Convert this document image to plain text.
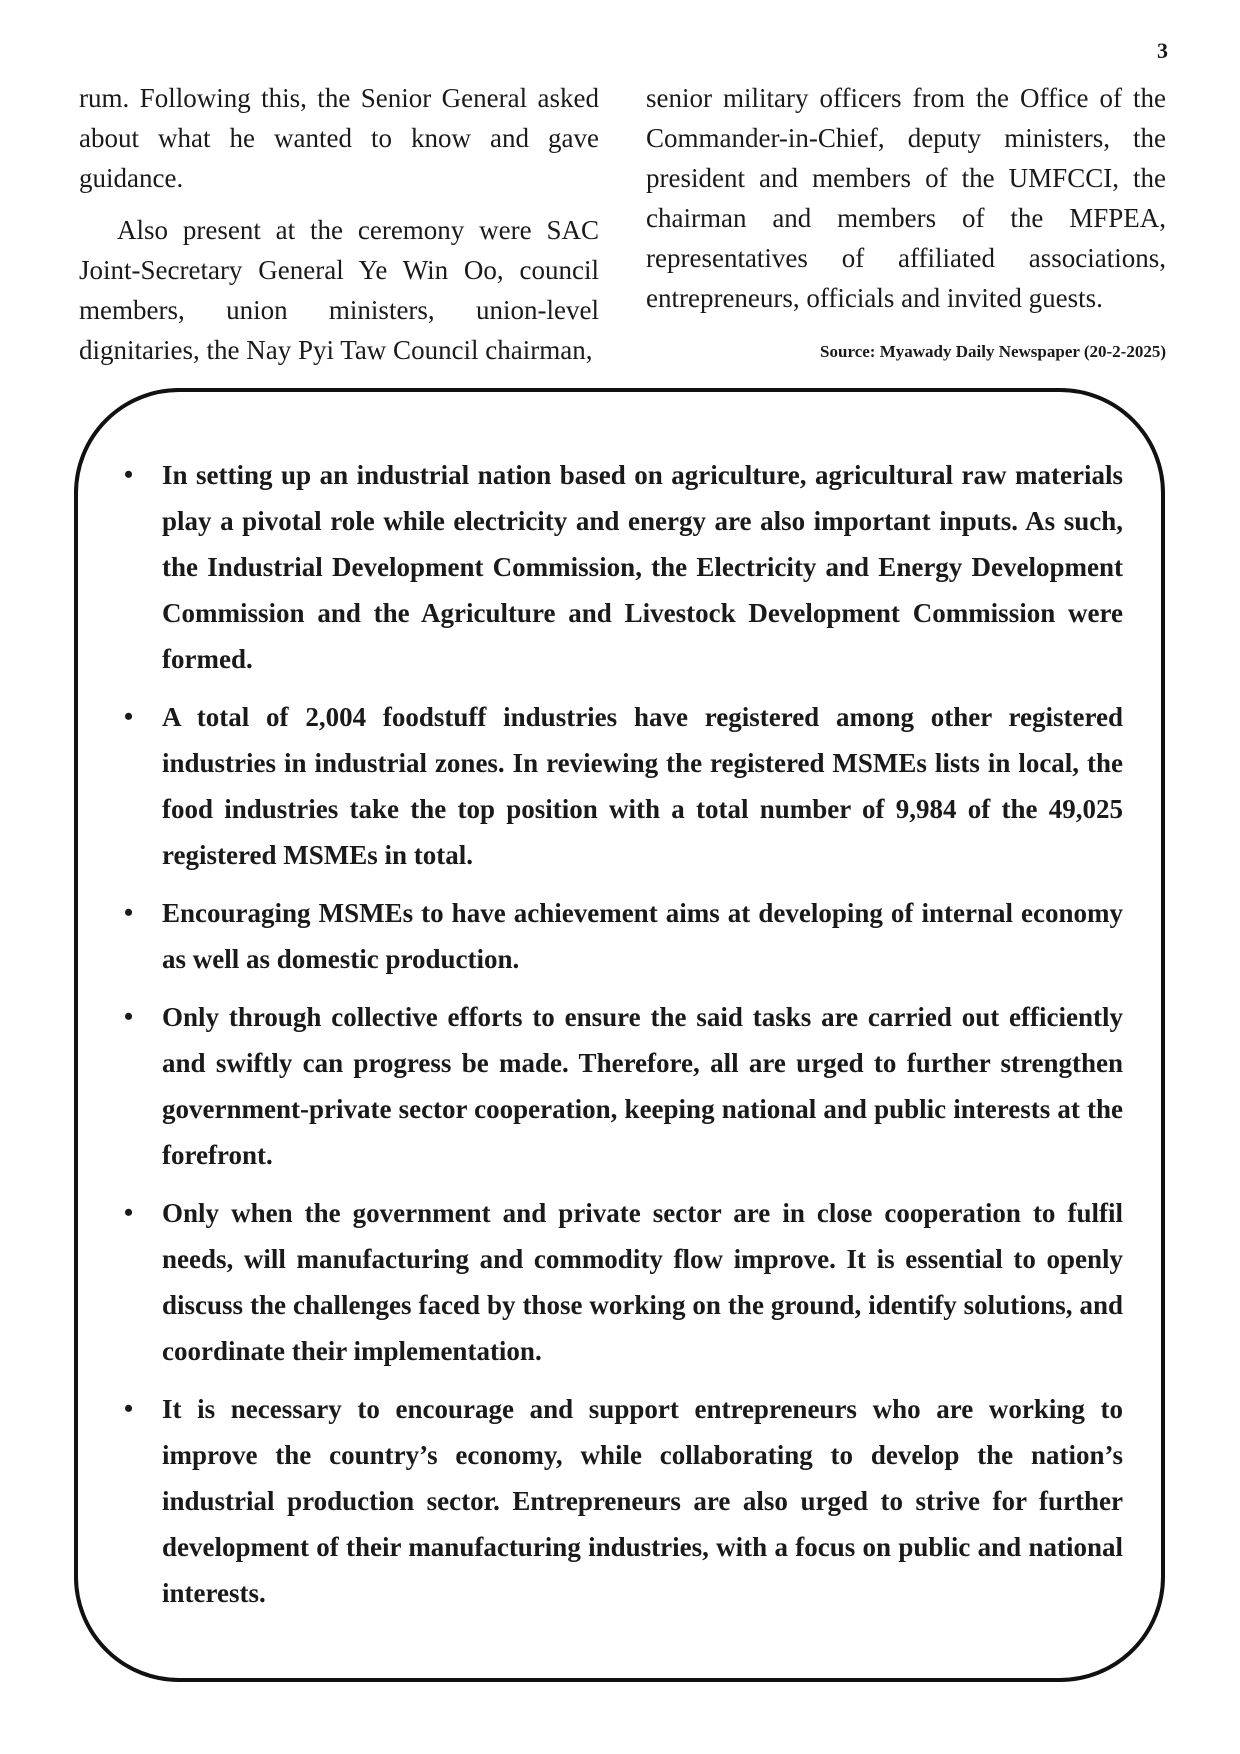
3

rum. Following this, the Senior General asked about what he wanted to know and gave guidance.

Also present at the ceremony were SAC Joint-Secretary General Ye Win Oo, council members, union ministers, union-level dignitaries, the Nay Pyi Taw Council chairman,

senior military officers from the Office of the Commander-in-Chief, deputy ministers, the president and members of the UMFCCI, the chairman and members of the MFPEA, representatives of affiliated associations, entrepreneurs, officials and invited guests.

Source: Myawady Daily Newspaper (20-2-2025)
• In setting up an industrial nation based on agriculture, agricultural raw materials play a pivotal role while electricity and energy are also important inputs. As such, the Industrial Development Commission, the Electricity and Energy Development Commission and the Agriculture and Livestock Development Commission were formed.
• A total of 2,004 foodstuff industries have registered among other registered industries in industrial zones. In reviewing the registered MSMEs lists in local, the food industries take the top position with a total number of 9,984 of the 49,025 registered MSMEs in total.
• Encouraging MSMEs to have achievement aims at developing of internal economy as well as domestic production.
• Only through collective efforts to ensure the said tasks are carried out efficiently and swiftly can progress be made. Therefore, all are urged to further strengthen government-private sector cooperation, keeping national and public interests at the forefront.
• Only when the government and private sector are in close cooperation to fulfil needs, will manufacturing and commodity flow improve. It is essential to openly discuss the challenges faced by those working on the ground, identify solutions, and coordinate their implementation.
• It is necessary to encourage and support entrepreneurs who are working to improve the country’s economy, while collaborating to develop the nation’s industrial production sector. Entrepreneurs are also urged to strive for further development of their manufacturing industries, with a focus on public and national interests.
